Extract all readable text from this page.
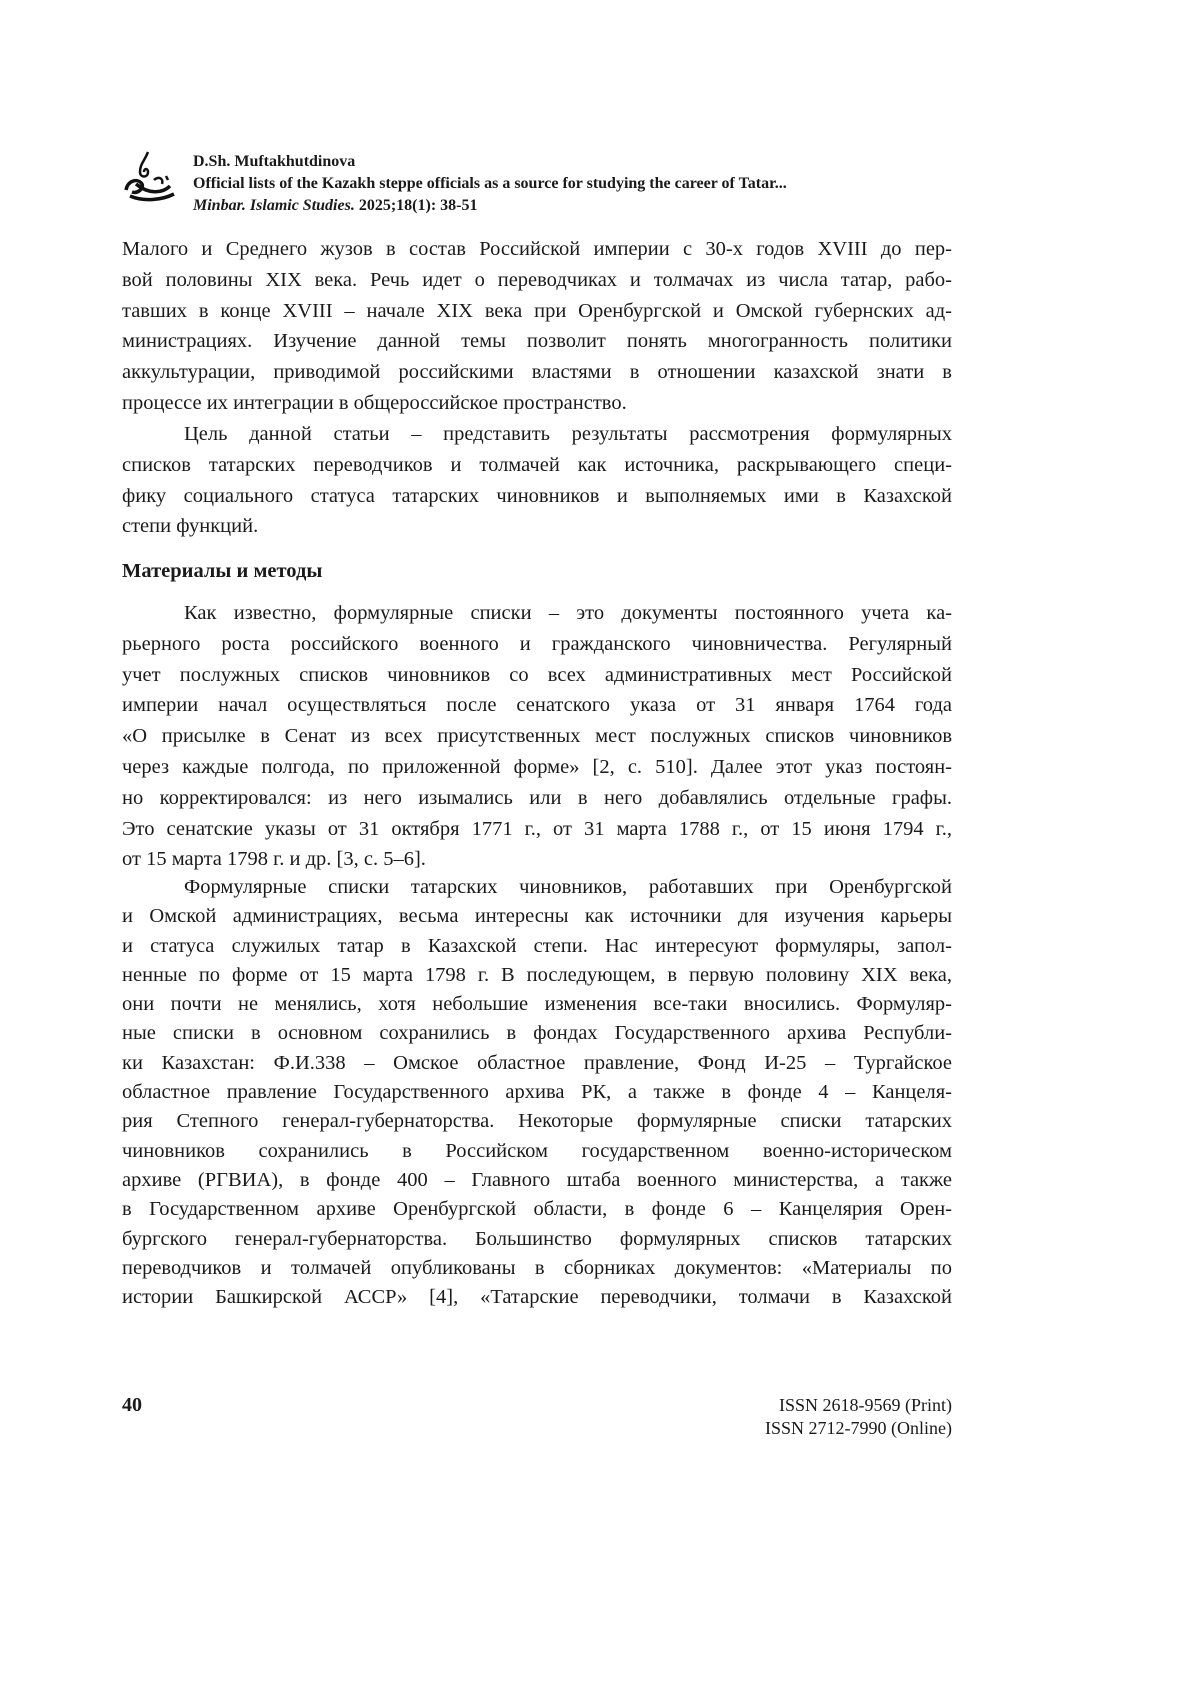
D.Sh. Muftakhutdinova
Official lists of the Kazakh steppe officials as a source for studying the career of Tatar...
Minbar. Islamic Studies. 2025;18(1): 38-51
Малого и Среднего жузов в состав Российской империи с 30-х годов XVIII до пер-
вой половины XIX века. Речь идет о переводчиках и толмачах из числа татар, рабо-
тавших в конце XVIII – начале XIX века при Оренбургской и Омской губернских ад-
министрациях. Изучение данной темы позволит понять многогранность политики
аккультурации, приводимой российскими властями в отношении казахской знати в
процессе их интеграции в общероссийское пространство.
Цель данной статьи – представить результаты рассмотрения формулярных
списков татарских переводчиков и толмачей как источника, раскрывающего специ-
фику социального статуса татарских чиновников и выполняемых ими в Казахской
степи функций.
Материалы и методы
Как известно, формулярные списки – это документы постоянного учета ка-
рьерного роста российского военного и гражданского чиновничества. Регулярный
учет послужных списков чиновников со всех административных мест Российской
империи начал осуществляться после сенатского указа от 31 января 1764 года
«О присылке в Сенат из всех присутственных мест послужных списков чиновников
через каждые полгода, по приложенной форме» [2, с. 510]. Далее этот указ постоян-
но корректировался: из него изымались или в него добавлялись отдельные графы.
Это сенатские указы от 31 октября 1771 г., от 31 марта 1788 г., от 15 июня 1794 г.,
от 15 марта 1798 г. и др. [3, с. 5–6].
Формулярные списки татарских чиновников, работавших при Оренбургской
и Омской администрациях, весьма интересны как источники для изучения карьеры
и статуса служилых татар в Казахской степи. Нас интересуют формуляры, запол-
ненные по форме от 15 марта 1798 г. В последующем, в первую половину XIX века,
они почти не менялись, хотя небольшие изменения все-таки вносились. Формуляр-
ные списки в основном сохранились в фондах Государственного архива Республи-
ки Казахстан: Ф.И.338 – Омское областное правление, Фонд И-25 – Тургайское
областное правление Государственного архива РК, а также в фонде 4 – Канцеля-
рия Степного генерал-губернаторства. Некоторые формулярные списки татарских
чиновников сохранились в Российском государственном военно-историческом
архиве (РГВИА), в фонде 400 – Главного штаба военного министерства, а также
в Государственном архиве Оренбургской области, в фонде 6 – Канцелярия Орен-
бургского генерал-губернаторства. Большинство формулярных списков татарских
переводчиков и толмачей опубликованы в сборниках документов: «Материалы по
истории Башкирской АССР» [4], «Татарские переводчики, толмачи в Казахской
40	ISSN 2618-9569 (Print)
ISSN 2712-7990 (Online)
